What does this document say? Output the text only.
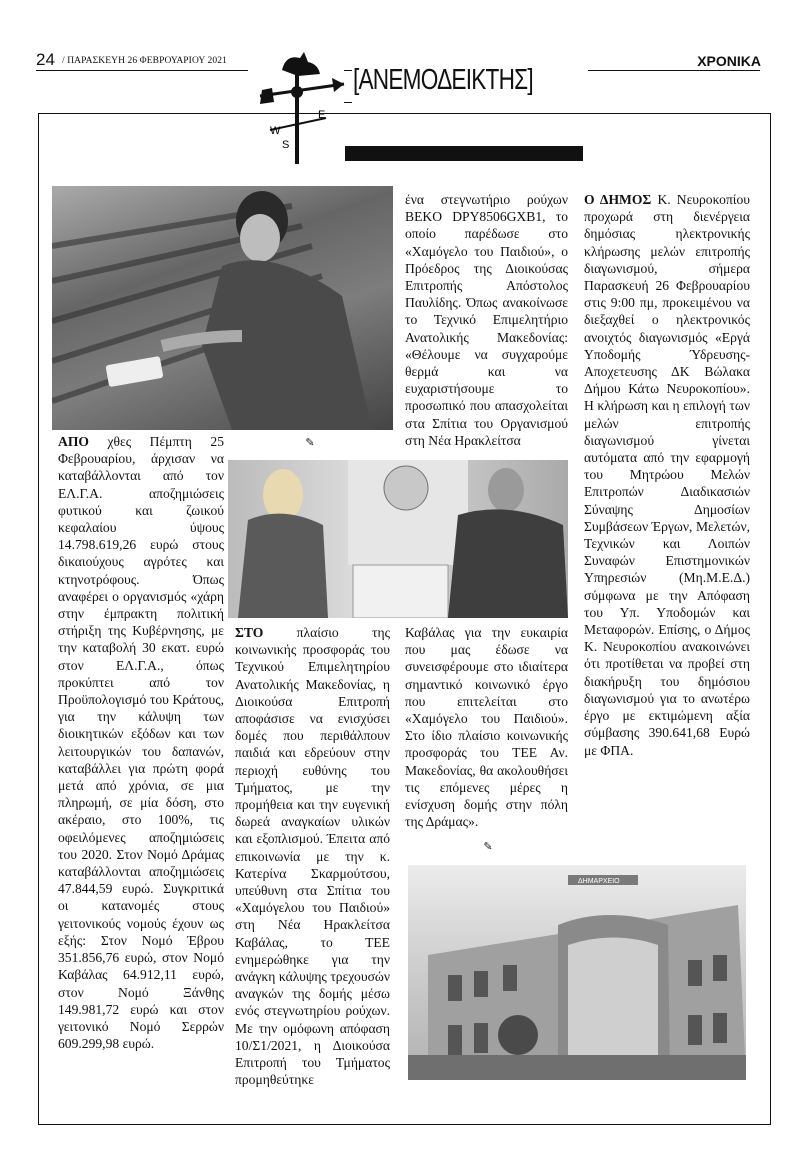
24 / ΠΑΡΑΣΚΕΥΗ 26 ΦΕΒΡΟΥΑΡΙΟΥ 2021	ΧΡΟΝΙΚΑ
W
E
S
[ΑΝΕΜΟΔΕΙΚΤΗΣ]
ΑΠΟ χθες Πέμπτη 25 Φεβρουαρίου, άρχισαν να καταβάλλονται από τον ΕΛ.Γ.Α. αποζημιώσεις φυτικού και ζωικού κεφαλαίου ύψους 14.798.619,26 ευρώ στους δικαιούχους αγρότες και κτηνοτρόφους. Όπως αναφέρει ο οργανισμός «χάρη στην έμπρακτη πολιτική στήριξη της Κυβέρνησης, με την καταβολή 30 εκατ. ευρώ στον ΕΛ.Γ.Α., όπως προκύπτει από τον Προϋπολογισμό του Κράτους, για την κάλυψη των διοικητικών εξόδων και των λειτουργικών του δαπανών, καταβάλλει για πρώτη φορά μετά από χρόνια, σε μια πληρωμή, σε μία δόση, στο ακέραιο, στο 100%, τις οφειλόμενες αποζημιώσεις του 2020. Στον Νομό Δράμας καταβάλλονται αποζημιώσεις 47.844,59 ευρώ. Συγκριτικά οι κατανομές στους γειτονικούς νομούς έχουν ως εξής: Στον Νομό Έβρου 351.856,76 ευρώ, στον Νομό Καβάλας 64.912,11 ευρώ, στον Νομό Ξάνθης 149.981,72 ευρώ και στον γειτονικό Νομό Σερρών 609.299,98 ευρώ.
✎
ΣΤΟ πλαίσιο της κοινωνικής προσφοράς του Τεχνικού Επιμελητηρίου Ανατολικής Μακεδονίας, η Διοικούσα Επιτροπή αποφάσισε να ενισχύσει δομές που περιθάλπουν παιδιά και εδρεύουν στην περιοχή ευθύνης του Τμήματος, με την προμήθεια και την ευγενική δωρεά αναγκαίων υλικών και εξοπλισμού. Έπειτα από επικοινωνία με την κ. Κατερίνα Σκαρμούτσου, υπεύθυνη στα Σπίτια του «Χαμόγελου του Παιδιού» στη Νέα Ηρακλείτσα Καβάλας, το ΤΕΕ ενημερώθηκε για την ανάγκη κάλυψης τρεχουσών αναγκών της δομής μέσω ενός στεγνωτηρίου ρούχων. Με την ομόφωνη απόφαση 10/Σ1/2021, η Διοικούσα Επιτροπή του Τμήματος προμηθεύτηκε
ένα στεγνωτήριο ρούχων BEKO DPY8506GXB1, το οποίο παρέδωσε στο «Χαμόγελο του Παιδιού», ο Πρόεδρος της Διοικούσας Επιτροπής Απόστολος Παυλίδης. Όπως ανακοίνωσε το Τεχνικό Επιμελητήριο Ανατολικής Μακεδονίας: «Θέλουμε να συγχαρούμε θερμά και να ευχαριστήσουμε το προσωπικό που απασχολείται στα Σπίτια του Οργανισμού στη Νέα Ηρακλείτσα
Καβάλας για την ευκαιρία που μας έδωσε να συνεισφέρουμε στο ιδιαίτερα σημαντικό κοινωνικό έργο που επιτελείται στο «Χαμόγελο του Παιδιού». Στο ίδιο πλαίσιο κοινωνικής προσφοράς του ΤΕΕ Αν. Μακεδονίας, θα ακολουθήσει τις επόμενες μέρες η ενίσχυση δομής στην πόλη της Δράμας».
✎
Ο ΔΗΜΟΣ Κ. Νευροκοπίου προχωρά στη διενέργεια δημόσιας ηλεκτρονικής κλήρωσης μελών επιτροπής διαγωνισμού, σήμερα Παρασκευή 26 Φεβρουαρίου στις 9:00 πμ, προκειμένου να διεξαχθεί ο ηλεκτρονικός ανοιχτός διαγωνισμός «Εργά Υποδομής Ύδρευσης- Αποχετευσης ΔΚ Βώλακα Δήμου Κάτω Νευροκοπίου». Η κλήρωση και η επιλογή των μελών επιτροπής διαγωνισμού γίνεται αυτόματα από την εφαρμογή του Μητρώου Μελών Επιτροπών Διαδικασιών Σύναψης Δημοσίων Συμβάσεων Έργων, Μελετών, Τεχνικών και Λοιπών Συναφών Επιστημονικών Υπηρεσιών (Μη.Μ.Ε.Δ.) σύμφωνα με την Απόφαση του Υπ. Υποδομών και Μεταφορών. Επίσης, ο Δήμος Κ. Νευροκοπίου ανακοινώνει ότι προτίθεται να προβεί στη διακήρυξη του δημόσιου διαγωνισμού για το ανωτέρω έργο με εκτιμώμενη αξία σύμβασης 390.641,68 Ευρώ με ΦΠΑ.
ΔΗΜΑΡΧΕΙΟ
